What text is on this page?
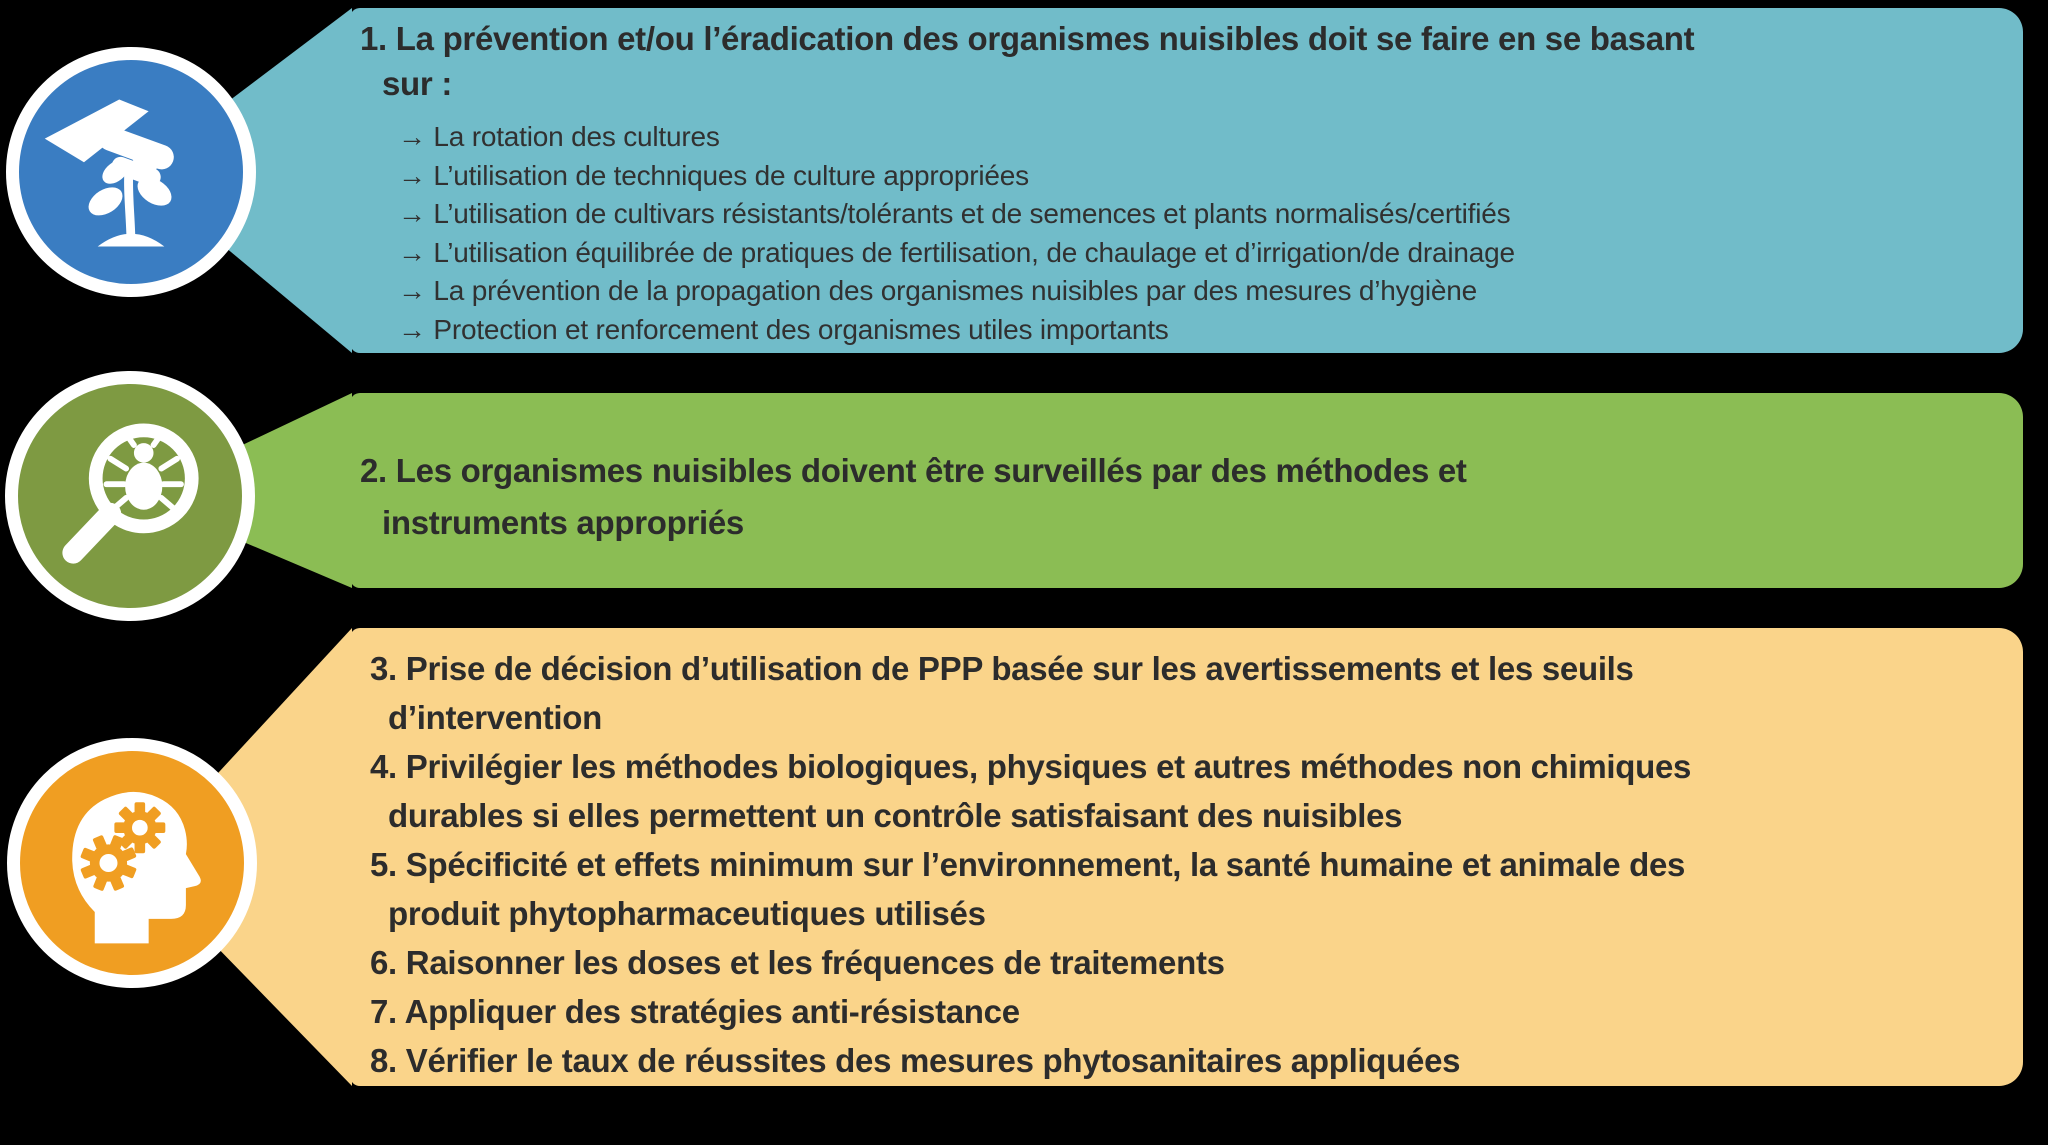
1. La prévention et/ou l’éradication des organismes nuisibles doit se faire en se basant
sur :
→ La rotation des cultures
→ L’utilisation de techniques de culture appropriées
→ L’utilisation de cultivars résistants/tolérants et de semences et plants normalisés/certifiés
→ L’utilisation équilibrée de pratiques de fertilisation, de chaulage et d’irrigation/de drainage
→ La prévention de la propagation des organismes nuisibles par des mesures d’hygiène
→ Protection et renforcement des organismes utiles importants
2. Les organismes nuisibles doivent être surveillés par des méthodes et
instruments appropriés
3. Prise de décision d’utilisation de PPP basée sur les avertissements et les seuils
d’intervention
4. Privilégier les méthodes biologiques, physiques et autres méthodes non chimiques
durables si elles permettent un contrôle satisfaisant des nuisibles
5. Spécificité et effets minimum sur l’environnement, la santé humaine et animale des
produit phytopharmaceutiques utilisés
6. Raisonner les doses et les fréquences de traitements
7. Appliquer des stratégies anti-résistance
8. Vérifier le taux de réussites des mesures phytosanitaires appliquées
